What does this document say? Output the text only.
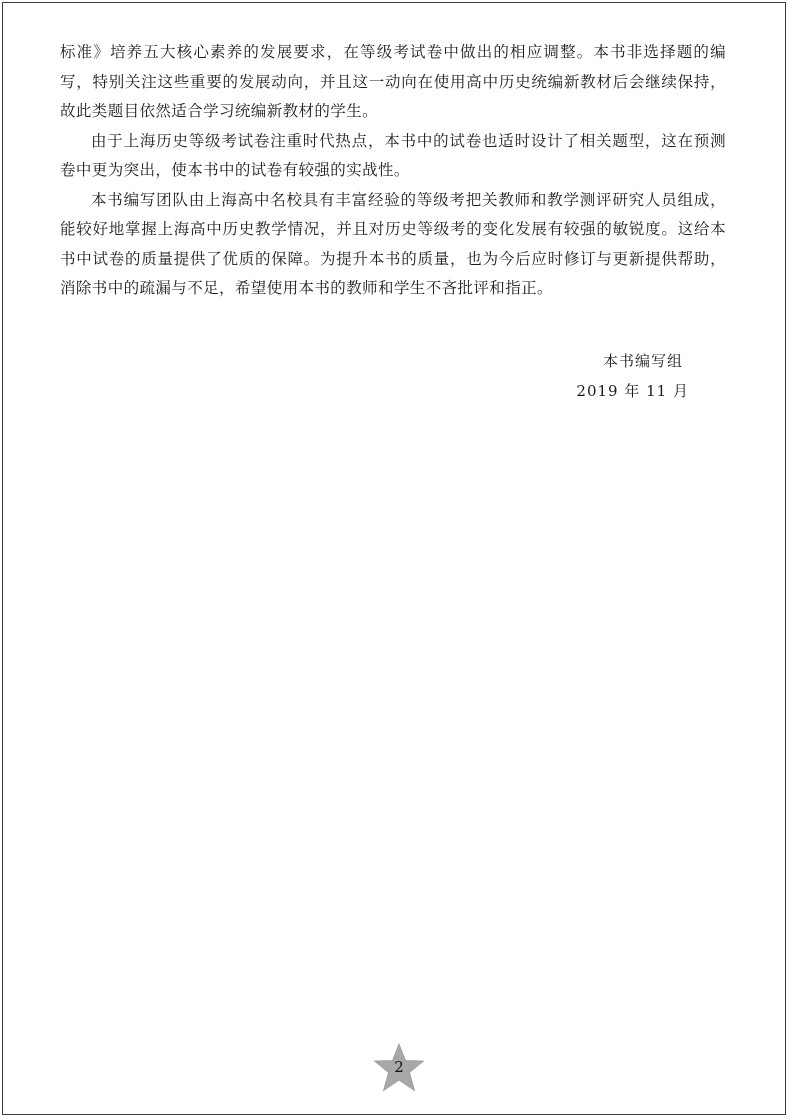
标准》培养五大核心素养的发展要求，在等级考试卷中做出的相应调整。本书非选择题的编写，特别关注这些重要的发展动向，并且这一动向在使用高中历史统编新教材后会继续保持，故此类题目依然适合学习统编新教材的学生。

由于上海历史等级考试卷注重时代热点，本书中的试卷也适时设计了相关题型，这在预测卷中更为突出，使本书中的试卷有较强的实战性。

本书编写团队由上海高中名校具有丰富经验的等级考把关教师和教学测评研究人员组成，能较好地掌握上海高中历史教学情况，并且对历史等级考的变化发展有较强的敏锐度。这给本书中试卷的质量提供了优质的保障。为提升本书的质量，也为今后应时修订与更新提供帮助，消除书中的疏漏与不足，希望使用本书的教师和学生不吝批评和指正。

本书编写组
2019 年 11 月
2
